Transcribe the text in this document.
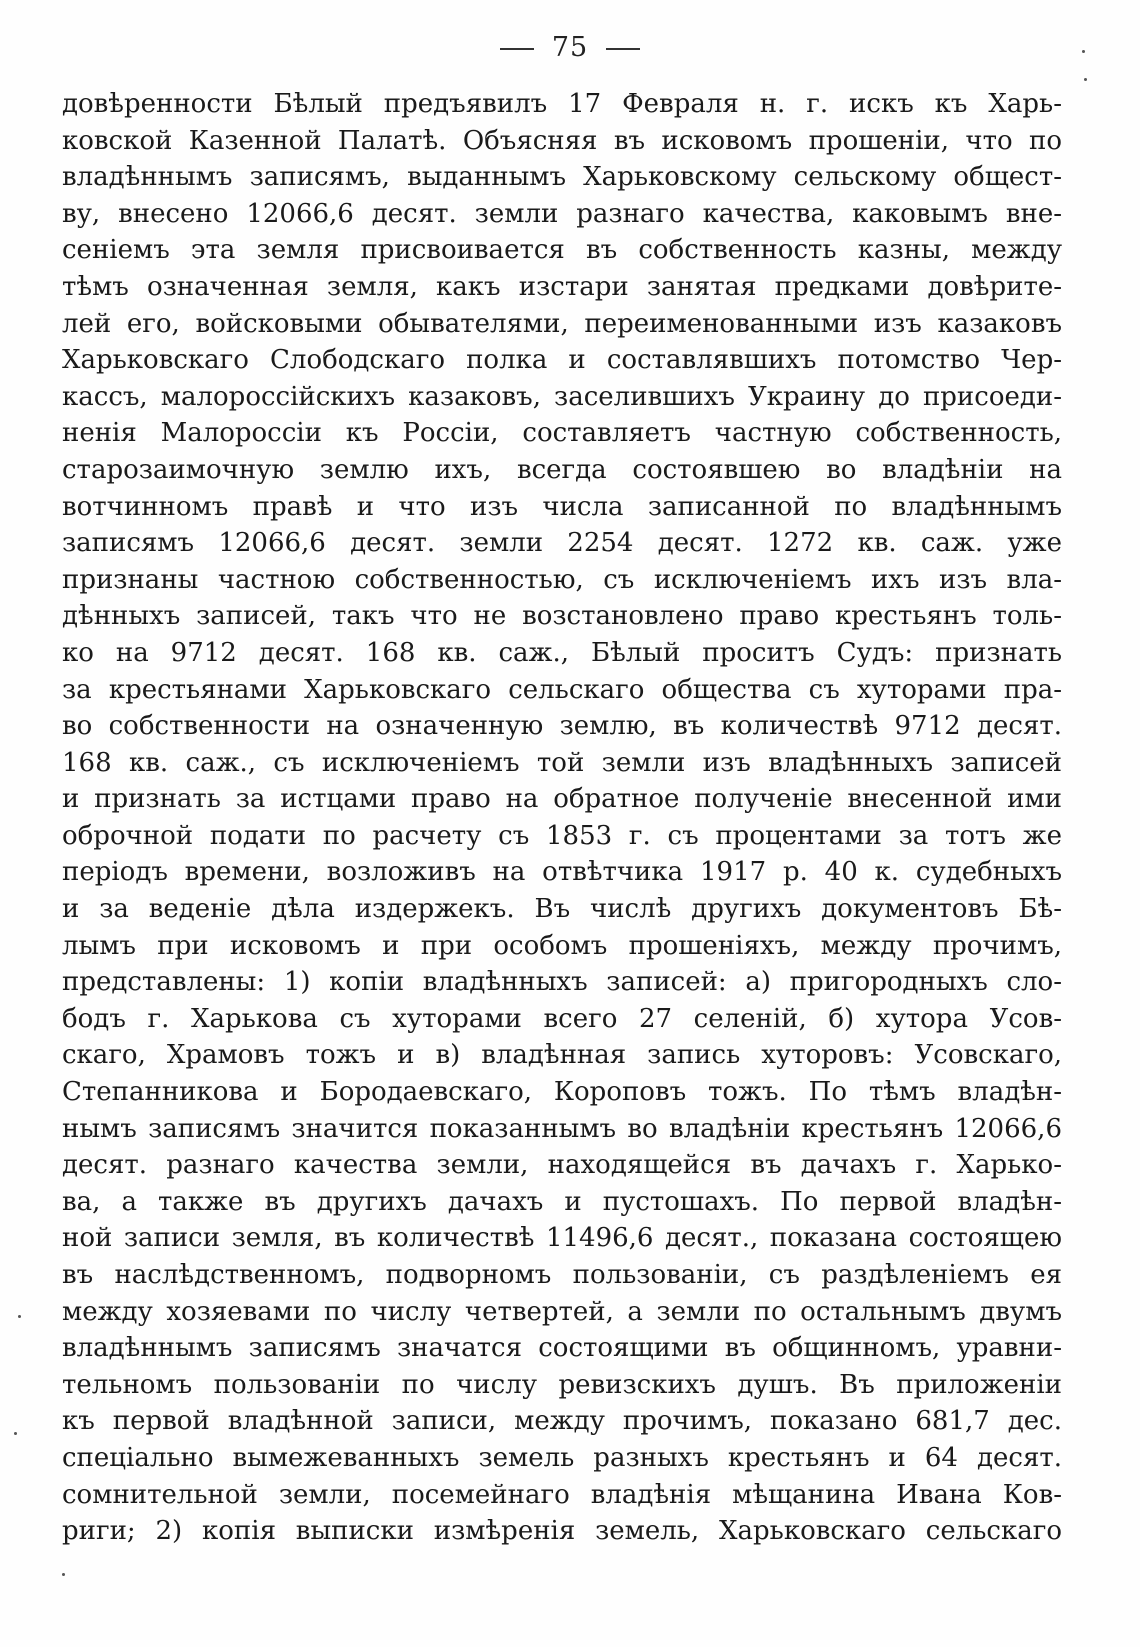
75
довѣренности Бѣлый предъявилъ 17 Февраля н. г. искъ къ Харь-
ковской Казенной Палатѣ. Объясняя въ исковомъ прошеніи, что по
владѣннымъ записямъ, выданнымъ Харьковскому сельскому общест-
ву, внесено 12066,6 десят. земли разнаго качества, каковымъ вне-
сеніемъ эта земля присвоивается въ собственность казны, между
тѣмъ означенная земля, какъ изстари занятая предками довѣрите-
лей его, войсковыми обывателями, переименованными изъ казаковъ
Харьковскаго Слободскаго полка и составлявшихъ потомство Чер-
кассъ, малороссійскихъ казаковъ, заселившихъ Украину до присоеди-
ненія Малороссіи къ Россіи, составляетъ частную собственность,
старозаимочную землю ихъ, всегда состоявшею во владѣніи на
вотчинномъ правѣ и что изъ числа записанной по владѣннымъ
записямъ 12066,6 десят. земли 2254 десят. 1272 кв. саж. уже
признаны частною собственностью, съ исключеніемъ ихъ изъ вла-
дѣнныхъ записей, такъ что не возстановлено право крестьянъ толь-
ко на 9712 десят. 168 кв. саж., Бѣлый проситъ Судъ: признать
за крестьянами Харьковскаго сельскаго общества съ хуторами пра-
во собственности на означенную землю, въ количествѣ 9712 десят.
168 кв. саж., съ исключеніемъ той земли изъ владѣнныхъ записей
и признать за истцами право на обратное полученіе внесенной ими
оброчной подати по расчету съ 1853 г. съ процентами за тотъ же
періодъ времени, возложивъ на отвѣтчика 1917 р. 40 к. судебныхъ
и за веденіе дѣла издержекъ. Въ числѣ другихъ документовъ Бѣ-
лымъ при исковомъ и при особомъ прошеніяхъ, между прочимъ,
представлены: 1) копіи владѣнныхъ записей: а) пригородныхъ сло-
бодъ г. Харькова съ хуторами всего 27 селеній, б) хутора Усов-
скаго, Храмовъ тожъ и в) владѣнная запись хуторовъ: Усовскаго,
Степанникова и Бородаевскаго, Короповъ тожъ. По тѣмъ владѣн-
нымъ записямъ значится показаннымъ во владѣніи крестьянъ 12066,6
десят. разнаго качества земли, находящейся въ дачахъ г. Харько-
ва, а также въ другихъ дачахъ и пустошахъ. По первой владѣн-
ной записи земля, въ количествѣ 11496,6 десят., показана состоящею
въ наслѣдственномъ, подворномъ пользованіи, съ раздѣленіемъ ея
между хозяевами по числу четвертей, а земли по остальнымъ двумъ
владѣннымъ записямъ значатся состоящими въ общинномъ, уравни-
тельномъ пользованіи по числу ревизскихъ душъ. Въ приложеніи
къ первой владѣнной записи, между прочимъ, показано 681,7 дес.
спеціально вымежеванныхъ земель разныхъ крестьянъ и 64 десят.
сомнительной земли, посемейнаго владѣнія мѣщанина Ивана Ков-
риги; 2) копія выписки измѣренія земель, Харьковскаго сельскаго
